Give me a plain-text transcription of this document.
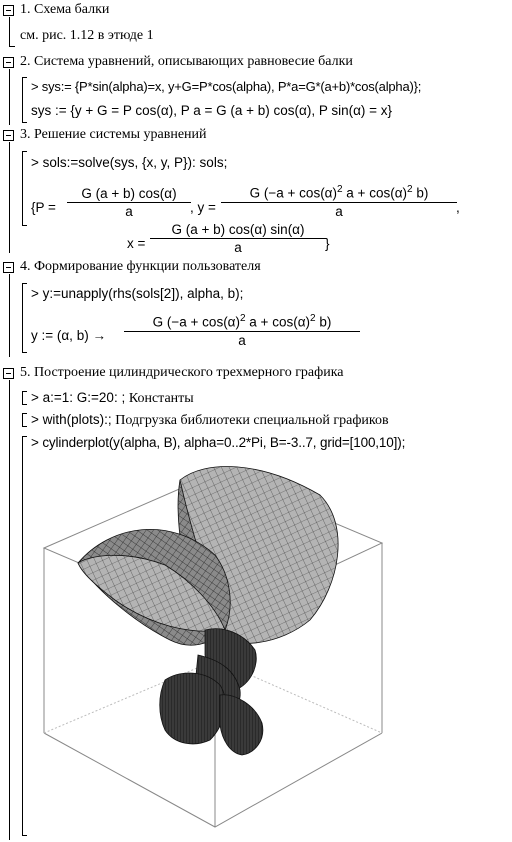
1. Схема балки
см. рис. 1.12 в этюде 1
2. Система уравнений, описывающих равновесие балки
> sys:= {P*sin(alpha)=x, y+G=P*cos(alpha), P*a=G*(a+b)*cos(alpha)};
sys := {y + G = P cos(α), P a = G (a + b) cos(α), P sin(α) = x}
3. Решение системы уравнений
> sols:=solve(sys, {x, y, P}): sols;
{P =
G (a + b) cos(α)
a	, y =
G ($-a + \cos(\alpha)^2$ $a + \cos(\alpha)^2$ b)
a	,
x =
G (a + b) cos(α) sin(α)
a	}
4. Формирование функции пользователя
> y:=unapply(rhs(sols[2]), alpha, b);
y := (α, b) →
G ($-a + \cos(\alpha)^2$ $a + \cos(\alpha)^2$ b)
a
5. Построение цилиндрического трехмерного графика
> a:=1: G:=20: ; Константы
> with(plots):; Подгрузка библиотеки специальной графиков
> cylinderplot(y(alpha, B), alpha=0..2*Pi, B=-3..7, grid=[100,10]);
